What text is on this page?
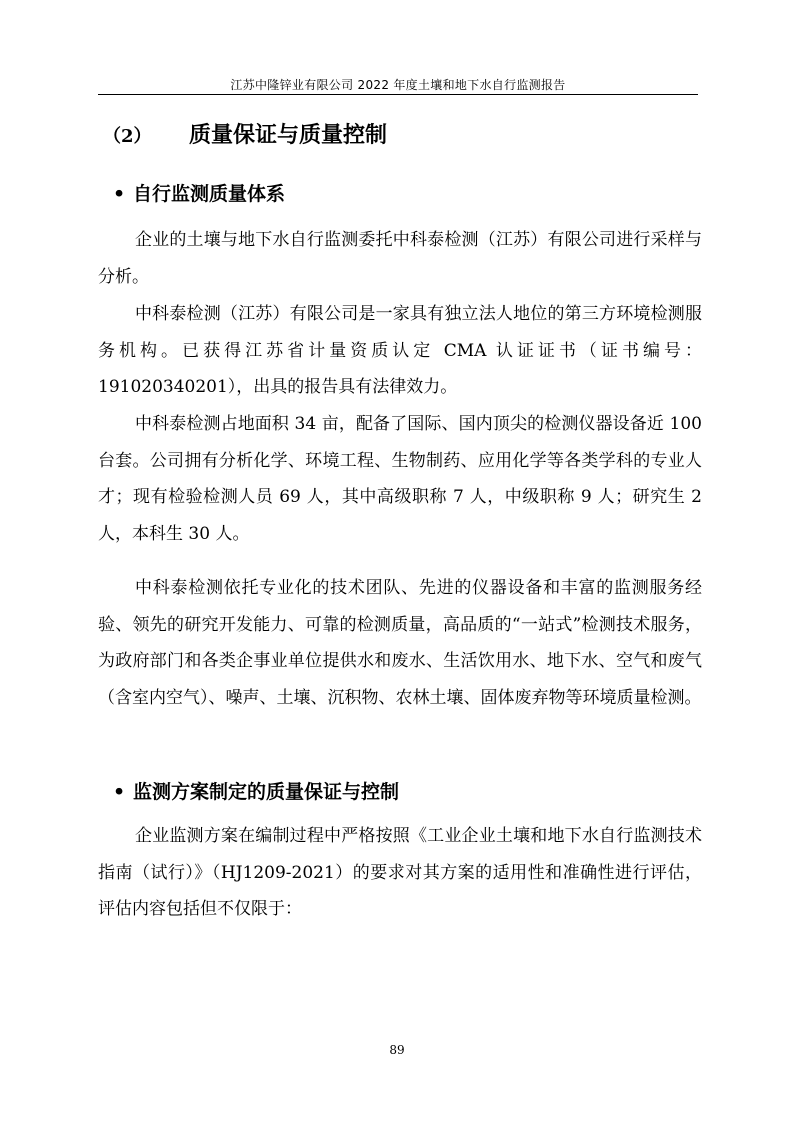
江苏中隆锌业有限公司 2022 年度土壤和地下水自行监测报告
（2） 质量保证与质量控制
• 自行监测质量体系

企业的土壤与地下水自行监测委托中科泰检测（江苏）有限公司进行采样与分析。

中科泰检测（江苏）有限公司是一家具有独立法人地位的第三方环境检测服务机构。已获得江苏省计量资质认定 CMA 认证证书（证书编号：191020340201），出具的报告具有法律效力。

中科泰检测占地面积 34 亩，配备了国际、国内顶尖的检测仪器设备近 100 台套。公司拥有分析化学、环境工程、生物制药、应用化学等各类学科的专业人才；现有检验检测人员 69 人，其中高级职称 7 人，中级职称 9 人；研究生 2 人，本科生 30 人。

中科泰检测依托专业化的技术团队、先进的仪器设备和丰富的监测服务经验、领先的研究开发能力、可靠的检测质量，高品质的“一站式”检测技术服务，为政府部门和各类企事业单位提供水和废水、生活饮用水、地下水、空气和废气（含室内空气）、噪声、土壤、沉积物、农林土壤、固体废弃物等环境质量检测。

• 监测方案制定的质量保证与控制

企业监测方案在编制过程中严格按照《工业企业土壤和地下水自行监测技术指南（试行）》（HJ1209-2021）的要求对其方案的适用性和准确性进行评估，评估内容包括但不仅限于：

89
